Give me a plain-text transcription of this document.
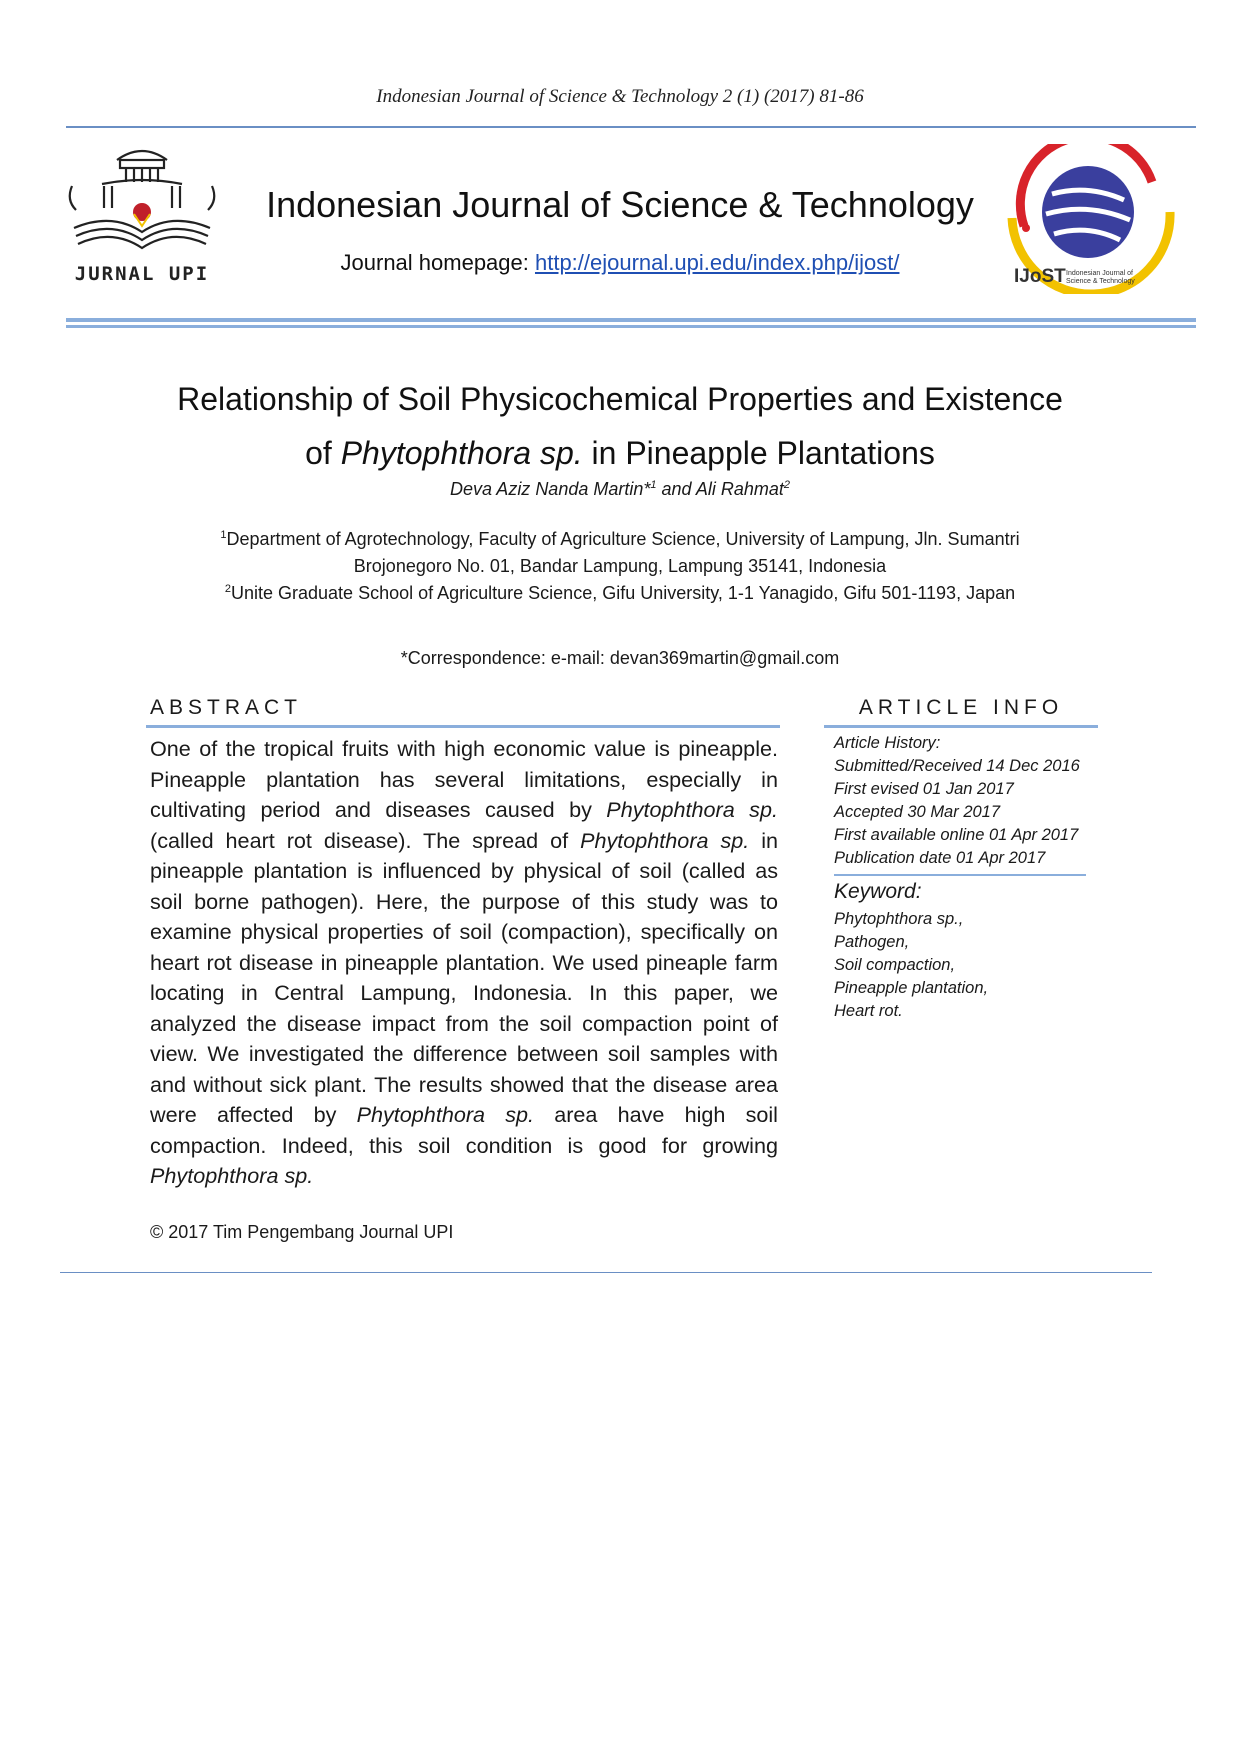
Indonesian Journal of Science & Technology 2 (1) (2017) 81-86
JURNAL UPI
Indonesian Journal of Science & Technology
Journal homepage: http://ejournal.upi.edu/index.php/ijost/
IJoST Indonesian Journal of
Science & Technology
Relationship of Soil Physicochemical Properties and Existence
of Phytophthora sp. in Pineapple Plantations
Deva Aziz Nanda Martin*$^1$ and Ali Rahmat$^2$
$^1$Department of Agrotechnology, Faculty of Agriculture Science, University of Lampung, Jln. Sumantri
Brojonegoro No. 01, Bandar Lampung, Lampung 35141, Indonesia
$^2$Unite Graduate School of Agriculture Science, Gifu University, 1-1 Yanagido, Gifu 501-1193, Japan
*Correspondence: e-mail: devan369martin@gmail.com
ABSTRACT
One of the tropical fruits with high economic value is pineapple. Pineapple plantation has several limitations, especially in cultivating period and diseases caused by Phytophthora sp. (called heart rot disease). The spread of Phytophthora sp. in pineapple plantation is influenced by physical of soil (called as soil borne pathogen). Here, the purpose of this study was to examine physical properties of soil (compaction), specifically on heart rot disease in pineapple plantation. We used pineaple farm locating in Central Lampung, Indonesia. In this paper, we analyzed the disease impact from the soil compaction point of view. We investigated the difference between soil samples with and without sick plant. The results showed that the disease area were affected by Phytophthora sp. area have high soil compaction. Indeed, this soil condition is good for growing Phytophthora sp.
© 2017 Tim Pengembang Journal UPI
ARTICLE INFO
Article History:
Submitted/Received 14 Dec 2016
First evised 01 Jan 2017
Accepted 30 Mar 2017
First available online 01 Apr 2017
Publication date 01 Apr 2017
Keyword:
Phytophthora sp.,
Pathogen,
Soil compaction,
Pineapple plantation,
Heart rot.
